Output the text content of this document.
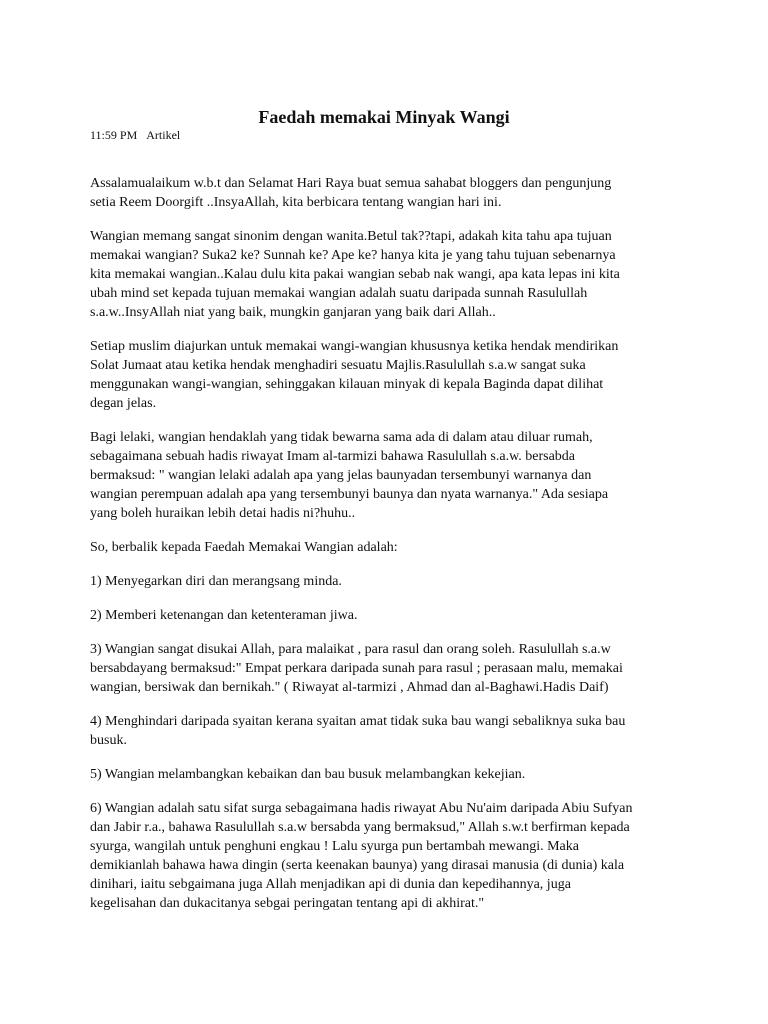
Faedah memakai Minyak Wangi
11:59 PM Artikel

Assalamualaikum w.b.t dan Selamat Hari Raya buat semua sahabat bloggers dan pengunjung

setia Reem Doorgift ..InsyaAllah, kita berbicara tentang wangian hari ini.

Wangian memang sangat sinonim dengan wanita.Betul tak??tapi, adakah kita tahu apa tujuan

memakai wangian? Suka2 ke? Sunnah ke? Ape ke? hanya kita je yang tahu tujuan sebenarnya

kita memakai wangian..Kalau dulu kita pakai wangian sebab nak wangi, apa kata lepas ini kita

ubah mind set kepada tujuan memakai wangian adalah suatu daripada sunnah Rasulullah

s.a.w..InsyAllah niat yang baik, mungkin ganjaran yang baik dari Allah..

Setiap muslim diajurkan untuk memakai wangi-wangian khususnya ketika hendak mendirikan

Solat Jumaat atau ketika hendak menghadiri sesuatu Majlis.Rasulullah s.a.w sangat suka

menggunakan wangi-wangian, sehinggakan kilauan minyak di kepala Baginda dapat dilihat

degan jelas.

Bagi lelaki, wangian hendaklah yang tidak bewarna sama ada di dalam atau diluar rumah,

sebagaimana sebuah hadis riwayat Imam al-tarmizi bahawa Rasulullah s.a.w. bersabda

bermaksud: " wangian lelaki adalah apa yang jelas baunyadan tersembunyi warnanya dan

wangian perempuan adalah apa yang tersembunyi baunya dan nyata warnanya." Ada sesiapa

yang boleh huraikan lebih detai hadis ni?huhu..

So, berbalik kepada Faedah Memakai Wangian adalah:

1) Menyegarkan diri dan merangsang minda.

2) Memberi ketenangan dan ketenteraman jiwa.

3) Wangian sangat disukai Allah, para malaikat , para rasul dan orang soleh. Rasulullah s.a.w

bersabdayang bermaksud:" Empat perkara daripada sunah para rasul ; perasaan malu, memakai

wangian, bersiwak dan bernikah." ( Riwayat al-tarmizi , Ahmad dan al-Baghawi.Hadis Daif)

4) Menghindari daripada syaitan kerana syaitan amat tidak suka bau wangi sebaliknya suka bau

busuk.

5) Wangian melambangkan kebaikan dan bau busuk melambangkan kekejian.

6) Wangian adalah satu sifat surga sebagaimana hadis riwayat Abu Nu'aim daripada Abiu Sufyan

dan Jabir r.a., bahawa Rasulullah s.a.w bersabda yang bermaksud," Allah s.w.t berfirman kepada

syurga, wangilah untuk penghuni engkau ! Lalu syurga pun bertambah mewangi. Maka

demikianlah bahawa hawa dingin (serta keenakan baunya) yang dirasai manusia (di dunia) kala

dinihari, iaitu sebgaimana juga Allah menjadikan api di dunia dan kepedihannya, juga

kegelisahan dan dukacitanya sebgai peringatan tentang api di akhirat."
